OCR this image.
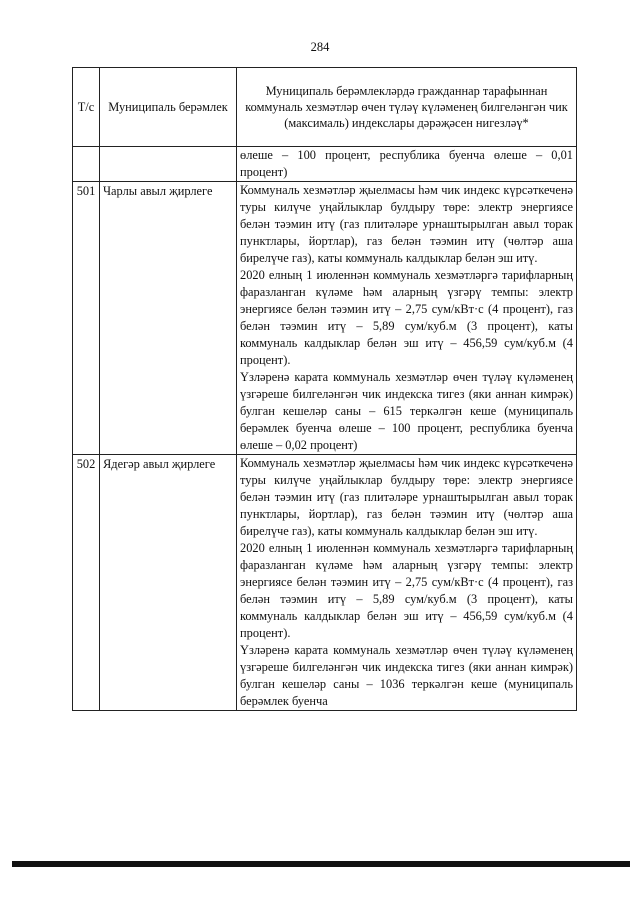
284
Т/с	Муниципаль берәмлек	Муниципаль берәмлекләрдә гражданнар тарафыннан коммуналь хезмәтләр өчен түләү күләменең билгеләнгән чик (максималь) индекслары дәрәҗәсен нигезләү*

		өлеше – 100 процент, республика буенча өлеше – 0,01 процент)

501	Чарлы авыл җирлеге	Коммуналь хезмәтләр җыелмасы һәм чик индекс күрсәткеченә туры килүче уңайлыклар булдыру төре: электр энергиясе белән тәэмин итү (газ плитәләре урнаштырылган авыл торак пунктлары, йортлар), газ белән тәэмин итү (чөлтәр аша бирелүче газ), каты коммуналь калдыклар белән эш итү.

2020 елның 1 июленнән коммуналь хезмәтләргә тарифларның фаразланган күләме һәм аларның үзгәрү темпы: электр энергиясе белән тәэмин итү – 2,75 сум/кВт·с (4 процент), газ белән тәэмин итү – 5,89 сум/куб.м (3 процент), каты коммуналь калдыклар белән эш итү – 456,59 сум/куб.м (4 процент).

Үзләренә карата коммуналь хезмәтләр өчен түләү күләменең үзгәреше билгеләнгән чик индекска тигез (яки аннан кимрәк) булган кешеләр саны – 615 теркәлгән кеше (муниципаль берәмлек буенча өлеше – 100 процент, республика буенча өлеше – 0,02 процент)

502	Ядегәр авыл җирлеге	Коммуналь хезмәтләр җыелмасы һәм чик индекс күрсәткеченә туры килүче уңайлыклар булдыру төре: электр энергиясе белән тәэмин итү (газ плитәләре урнаштырылган авыл торак пунктлары, йортлар), газ белән тәэмин итү (чөлтәр аша бирелүче газ), каты коммуналь калдыклар белән эш итү.

2020 елның 1 июленнән коммуналь хезмәтләргә тарифларның фаразланган күләме һәм аларның үзгәрү темпы: электр энергиясе белән тәэмин итү – 2,75 сум/кВт·с (4 процент), газ белән тәэмин итү – 5,89 сум/куб.м (3 процент), каты коммуналь калдыклар белән эш итү – 456,59 сум/куб.м (4 процент).

Үзләренә карата коммуналь хезмәтләр өчен түләү күләменең үзгәреше билгеләнгән чик индекска тигез (яки аннан кимрәк) булган кешеләр саны – 1036 теркәлгән кеше (муниципаль берәмлек буенча
